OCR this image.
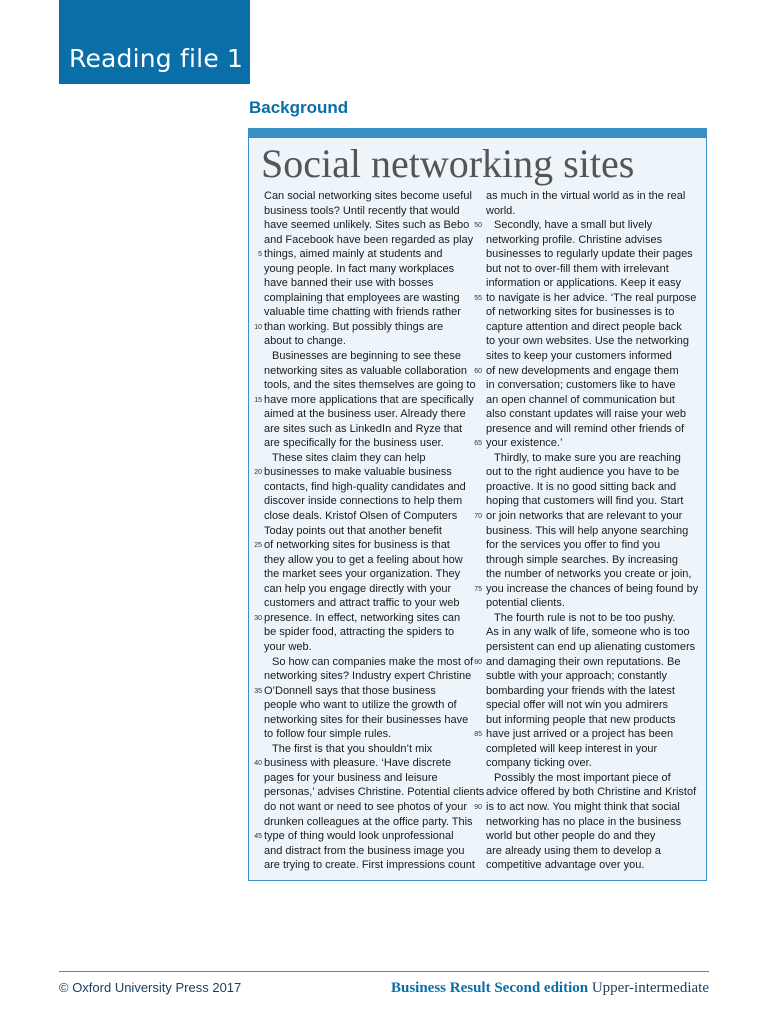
Reading file 1
Background
Social networking sites
Can social networking sites become useful
business tools? Until recently that would
have seemed unlikely. Sites such as Bebo
and Facebook have been regarded as play
5 things, aimed mainly at students and
young people. In fact many workplaces
have banned their use with bosses
complaining that employees are wasting
valuable time chatting with friends rather
10 than working. But possibly things are
about to change.
Businesses are beginning to see these
networking sites as valuable collaboration
tools, and the sites themselves are going to
15 have more applications that are specifically
aimed at the business user. Already there
are sites such as LinkedIn and Ryze that
are specifically for the business user.
These sites claim they can help
20 businesses to make valuable business
contacts, find high-quality candidates and
discover inside connections to help them
close deals. Kristof Olsen of Computers
Today points out that another benefit
25 of networking sites for business is that
they allow you to get a feeling about how
the market sees your organization. They
can help you engage directly with your
customers and attract traffic to your web
30 presence. In effect, networking sites can
be spider food, attracting the spiders to
your web.
So how can companies make the most of
networking sites? Industry expert Christine
35 O’Donnell says that those business
people who want to utilize the growth of
networking sites for their businesses have
to follow four simple rules.
The first is that you shouldn’t mix
40 business with pleasure. ‘Have discrete
pages for your business and leisure
personas,’ advises Christine. Potential clients
do not want or need to see photos of your
drunken colleagues at the office party. This
45 type of thing would look unprofessional
and distract from the business image you
are trying to create. First impressions count
as much in the virtual world as in the real
world.
50 Secondly, have a small but lively
networking profile. Christine advises
businesses to regularly update their pages
but not to over-fill them with irrelevant
information or applications. Keep it easy
55 to navigate is her advice. ‘The real purpose
of networking sites for businesses is to
capture attention and direct people back
to your own websites. Use the networking
sites to keep your customers informed
60 of new developments and engage them
in conversation; customers like to have
an open channel of communication but
also constant updates will raise your web
presence and will remind other friends of
65 your existence.’
Thirdly, to make sure you are reaching
out to the right audience you have to be
proactive. It is no good sitting back and
hoping that customers will find you. Start
70 or join networks that are relevant to your
business. This will help anyone searching
for the services you offer to find you
through simple searches. By increasing
the number of networks you create or join,
75 you increase the chances of being found by
potential clients.
The fourth rule is not to be too pushy.
As in any walk of life, someone who is too
persistent can end up alienating customers
80 and damaging their own reputations. Be
subtle with your approach; constantly
bombarding your friends with the latest
special offer will not win you admirers
but informing people that new products
85 have just arrived or a project has been
completed will keep interest in your
company ticking over.
Possibly the most important piece of
advice offered by both Christine and Kristof
90 is to act now. You might think that social
networking has no place in the business
world but other people do and they
are already using them to develop a
competitive advantage over you.
© Oxford University Press 2017	Business Result Second edition Upper-intermediate
